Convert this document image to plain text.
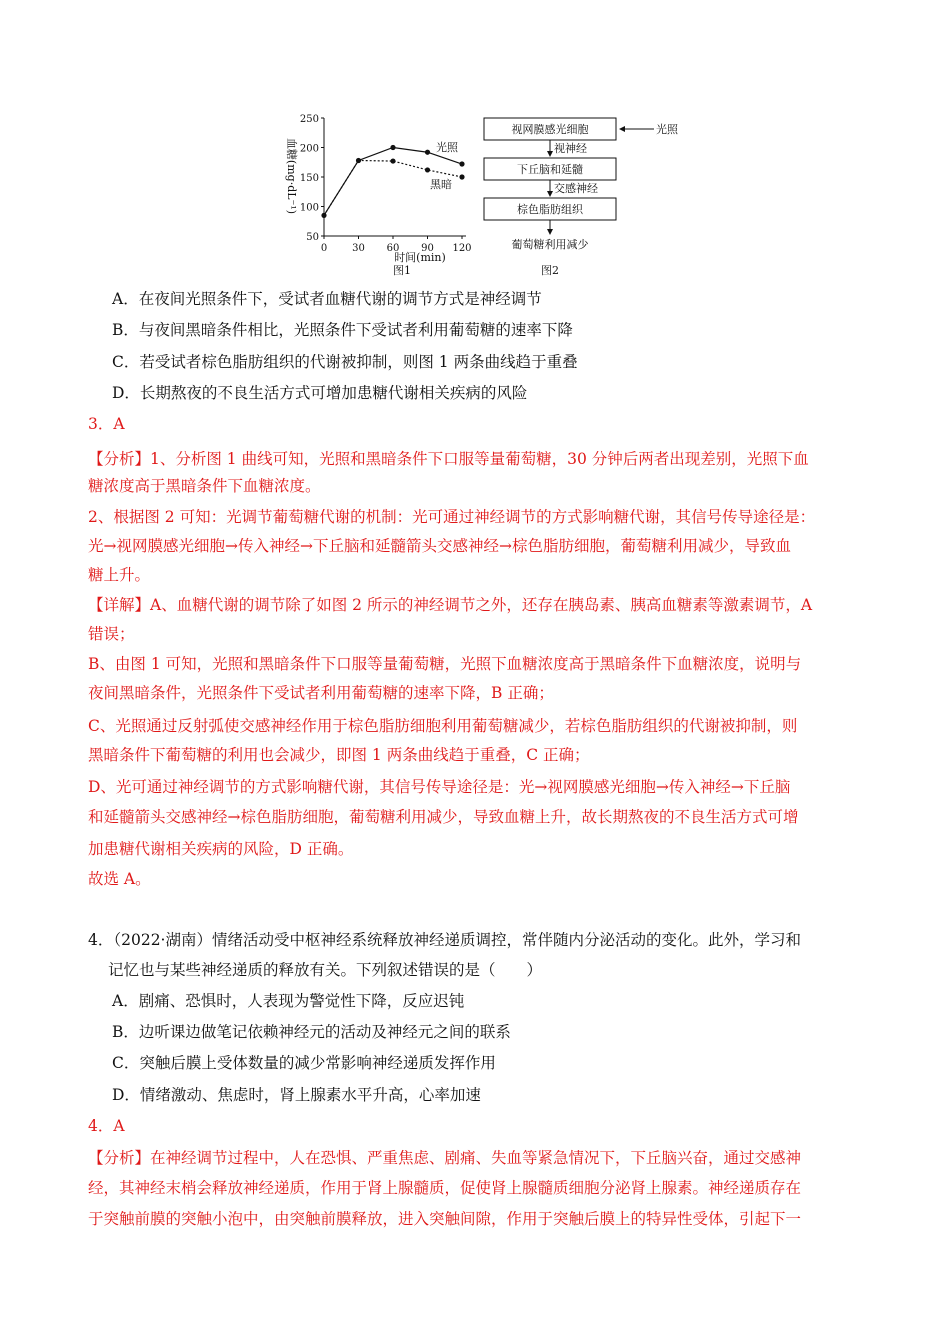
血糖(mg·dL⁻¹)
250
200
150
100
50
0 30 60 90 120
光照
黑暗
时间(min)
图1
视网膜感光细胞	光照
视神经
下丘脑和延髓
交感神经
棕色脂肪组织
葡萄糖利用减少
图2
A．在夜间光照条件下，受试者血糖代谢的调节方式是神经调节
B．与夜间黑暗条件相比，光照条件下受试者利用葡萄糖的速率下降
C．若受试者棕色脂肪组织的代谢被抑制，则图 1 两条曲线趋于重叠
D．长期熬夜的不良生活方式可增加患糖代谢相关疾病的风险
3．A
【分析】1、分析图 1 曲线可知，光照和黑暗条件下口服等量葡萄糖，30 分钟后两者出现差别，光照下血
糖浓度高于黑暗条件下血糖浓度。
2、根据图 2 可知：光调节葡萄糖代谢的机制：光可通过神经调节的方式影响糖代谢，其信号传导途径是：
光→视网膜感光细胞→传入神经→下丘脑和延髓箭头交感神经→棕色脂肪细胞，葡萄糖利用减少，导致血
糖上升。
【详解】A、血糖代谢的调节除了如图 2 所示的神经调节之外，还存在胰岛素、胰高血糖素等激素调节，A
错误；
B、由图 1 可知，光照和黑暗条件下口服等量葡萄糖，光照下血糖浓度高于黑暗条件下血糖浓度，说明与
夜间黑暗条件，光照条件下受试者利用葡萄糖的速率下降，B 正确；
C、光照通过反射弧使交感神经作用于棕色脂肪细胞利用葡萄糖减少，若棕色脂肪组织的代谢被抑制，则
黑暗条件下葡萄糖的利用也会减少，即图 1 两条曲线趋于重叠，C 正确；
D、光可通过神经调节的方式影响糖代谢，其信号传导途径是：光→视网膜感光细胞→传入神经→下丘脑
和延髓箭头交感神经→棕色脂肪细胞，葡萄糖利用减少，导致血糖上升，故长期熬夜的不良生活方式可增
加患糖代谢相关疾病的风险，D 正确。
故选 A。
4．（2022·湖南）情绪活动受中枢神经系统释放神经递质调控，常伴随内分泌活动的变化。此外，学习和
记忆也与某些神经递质的释放有关。下列叙述错误的是（　　）
A．剧痛、恐惧时，人表现为警觉性下降，反应迟钝
B．边听课边做笔记依赖神经元的活动及神经元之间的联系
C．突触后膜上受体数量的减少常影响神经递质发挥作用
D．情绪激动、焦虑时，肾上腺素水平升高，心率加速
4．A
【分析】在神经调节过程中，人在恐惧、严重焦虑、剧痛、失血等紧急情况下，下丘脑兴奋，通过交感神
经，其神经末梢会释放神经递质，作用于肾上腺髓质，促使肾上腺髓质细胞分泌肾上腺素。神经递质存在
于突触前膜的突触小泡中，由突触前膜释放，进入突触间隙，作用于突触后膜上的特异性受体，引起下一
